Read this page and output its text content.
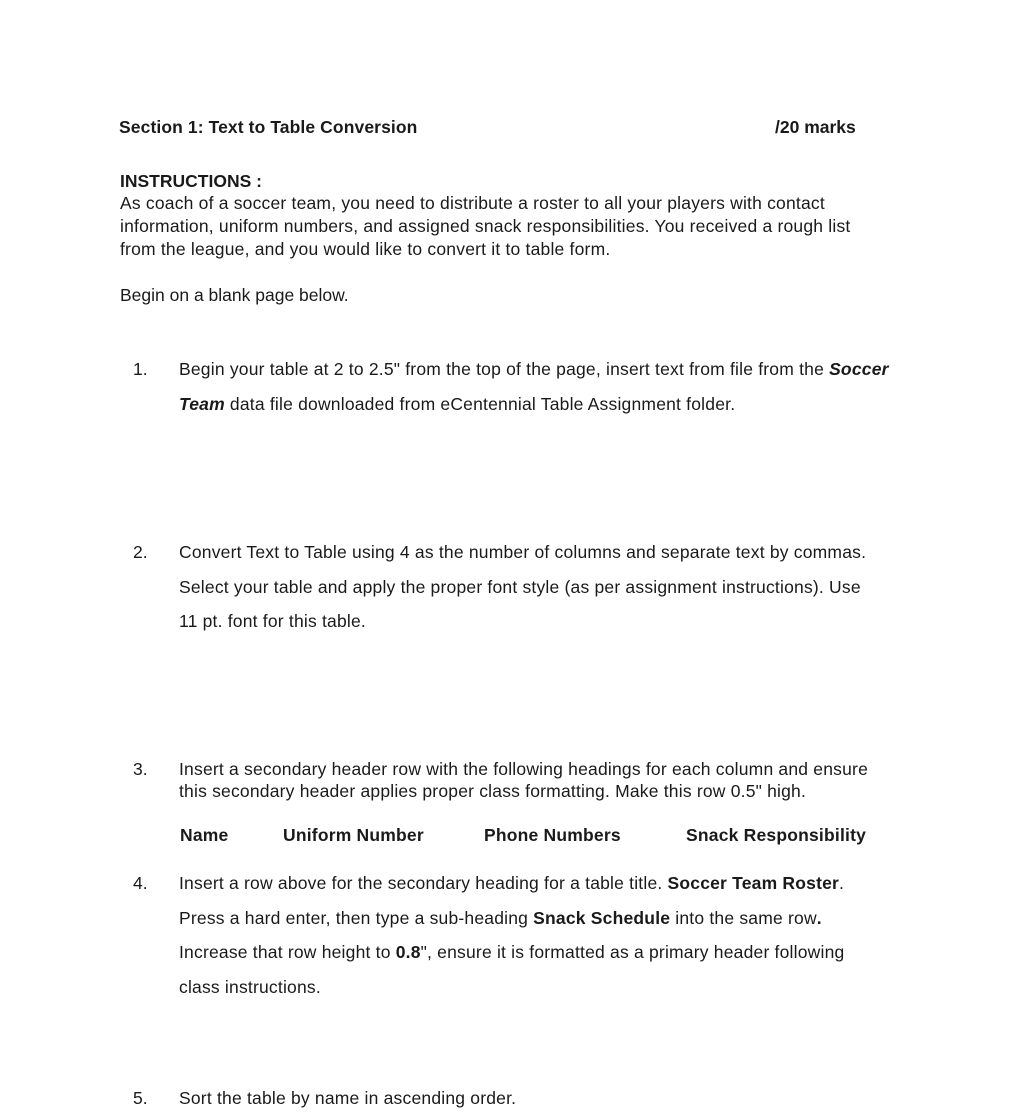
Section 1: Text to Table Conversion	/20 marks
INSTRUCTIONS :
As coach of a soccer team, you need to distribute a roster to all your players with contact information, uniform numbers, and assigned snack responsibilities. You received a rough list from the league, and you would like to convert it to table form.
Begin on a blank page below.
1. Begin your table at 2 to 2.5" from the top of the page, insert text from file from the Soccer Team data file downloaded from eCentennial Table Assignment folder.
2. Convert Text to Table using 4 as the number of columns and separate text by commas. Select your table and apply the proper font style (as per assignment instructions). Use 11 pt. font for this table.
3. Insert a secondary header row with the following headings for each column and ensure this secondary header applies proper class formatting. Make this row 0.5" high.
Name	Uniform Number	Phone Numbers	Snack Responsibility
4. Insert a row above for the secondary heading for a table title. Soccer Team Roster. Press a hard enter, then type a sub-heading Snack Schedule into the same row. Increase that row height to 0.8", ensure it is formatted as a primary header following class instructions.
5. Sort the table by name in ascending order.
